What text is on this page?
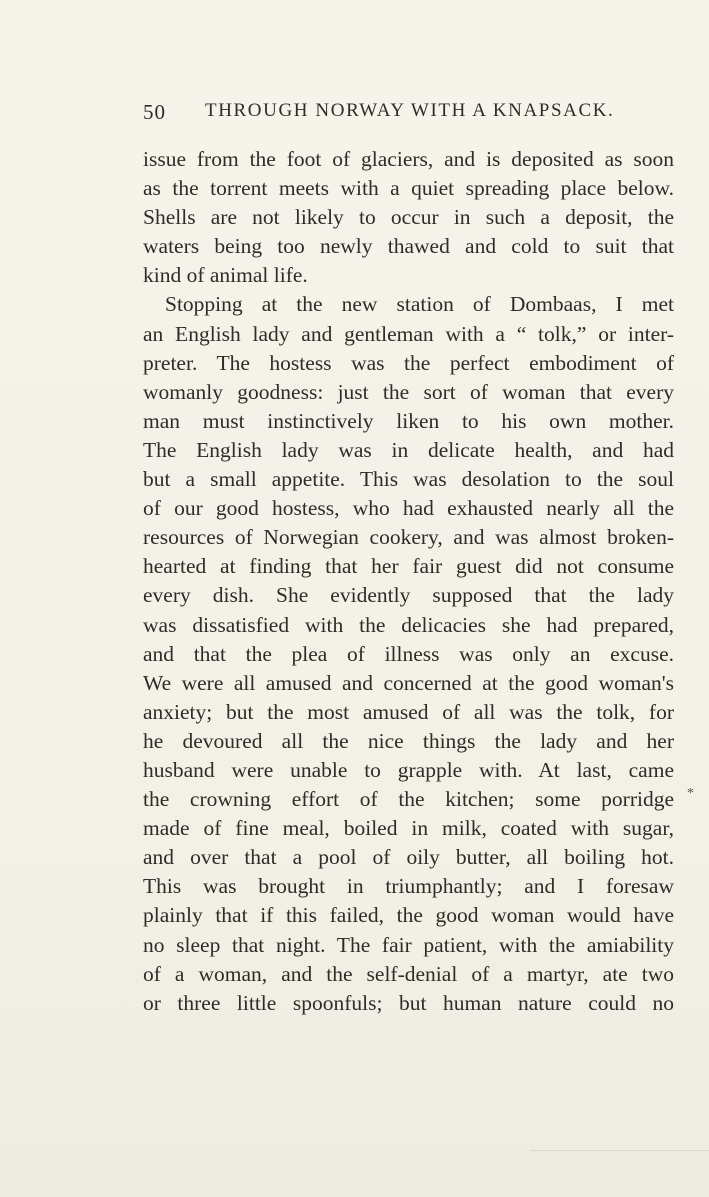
50 THROUGH NORWAY WITH A KNAPSACK.
issue from the foot of glaciers, and is deposited as soon
as the torrent meets with a quiet spreading place below.
Shells are not likely to occur in such a deposit, the
waters being too newly thawed and cold to suit that
kind of animal life.
Stopping at the new station of Dombaas, I met
an English lady and gentleman with a “ tolk,” or inter-
preter. The hostess was the perfect embodiment of
womanly goodness: just the sort of woman that every
man must instinctively liken to his own mother.
The English lady was in delicate health, and had
but a small appetite. This was desolation to the soul
of our good hostess, who had exhausted nearly all the
resources of Norwegian cookery, and was almost broken-
hearted at finding that her fair guest did not consume
every dish. She evidently supposed that the lady
was dissatisfied with the delicacies she had prepared,
and that the plea of illness was only an excuse.
We were all amused and concerned at the good woman's
anxiety; but the most amused of all was the tolk, for
he devoured all the nice things the lady and her
husband were unable to grapple with. At last, came
the crowning effort of the kitchen; some porridge
made of fine meal, boiled in milk, coated with sugar,
and over that a pool of oily butter, all boiling hot.
This was brought in triumphantly; and I foresaw
plainly that if this failed, the good woman would have
no sleep that night. The fair patient, with the amiability
of a woman, and the self-denial of a martyr, ate two
or three little spoonfuls; but human nature could no
*
